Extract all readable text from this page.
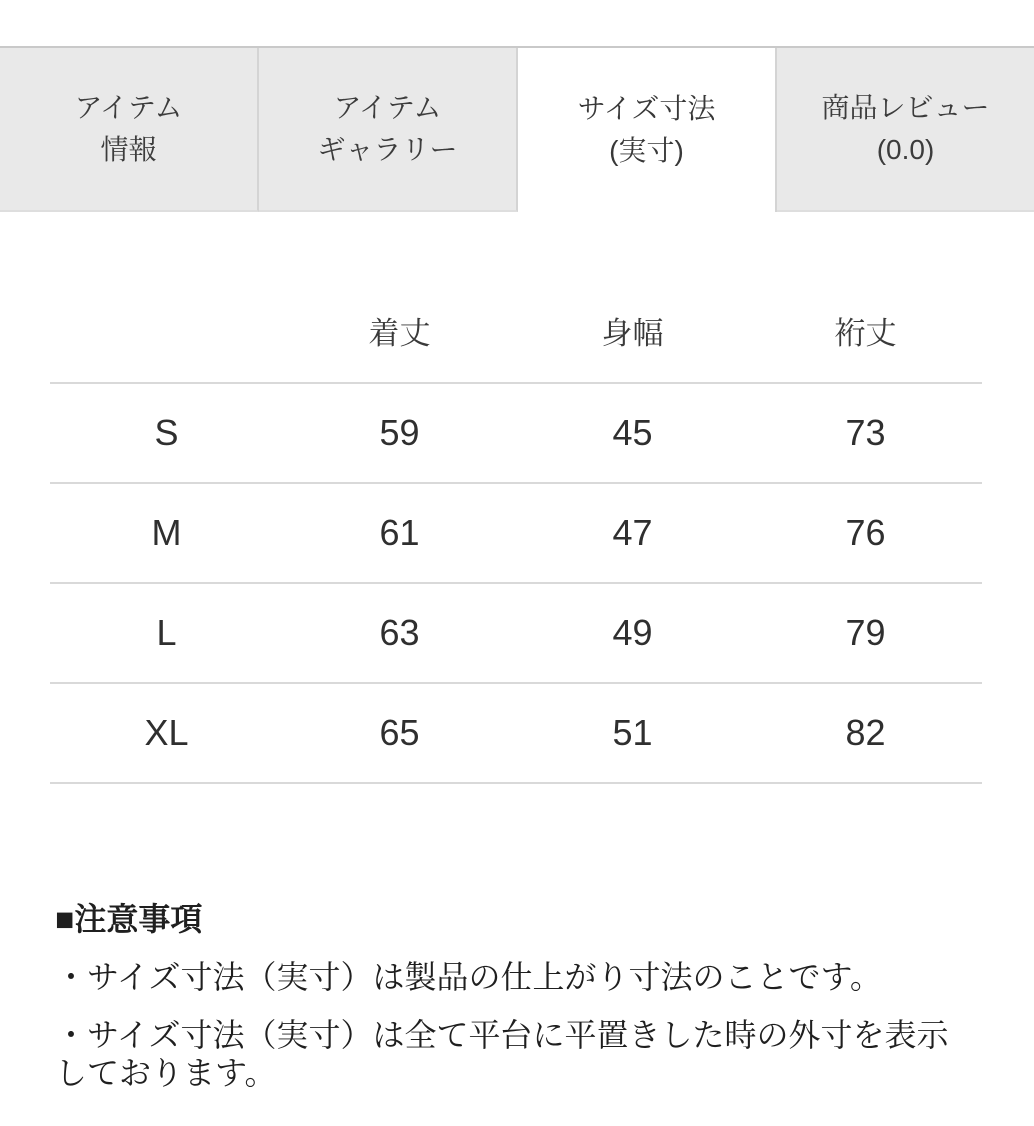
アイテム
情報
アイテム
ギャラリー
サイズ寸法
(実寸)
商品レビュー
(0.0)
	着丈	身幅	裄丈
S	59	45	73
M	61	47	76
L	63	49	79
XL	65	51	82
■注意事項

・サイズ寸法（実寸）は製品の仕上がり寸法のことです。

・サイズ寸法（実寸）は全て平台に平置きした時の外寸を表示しております。
